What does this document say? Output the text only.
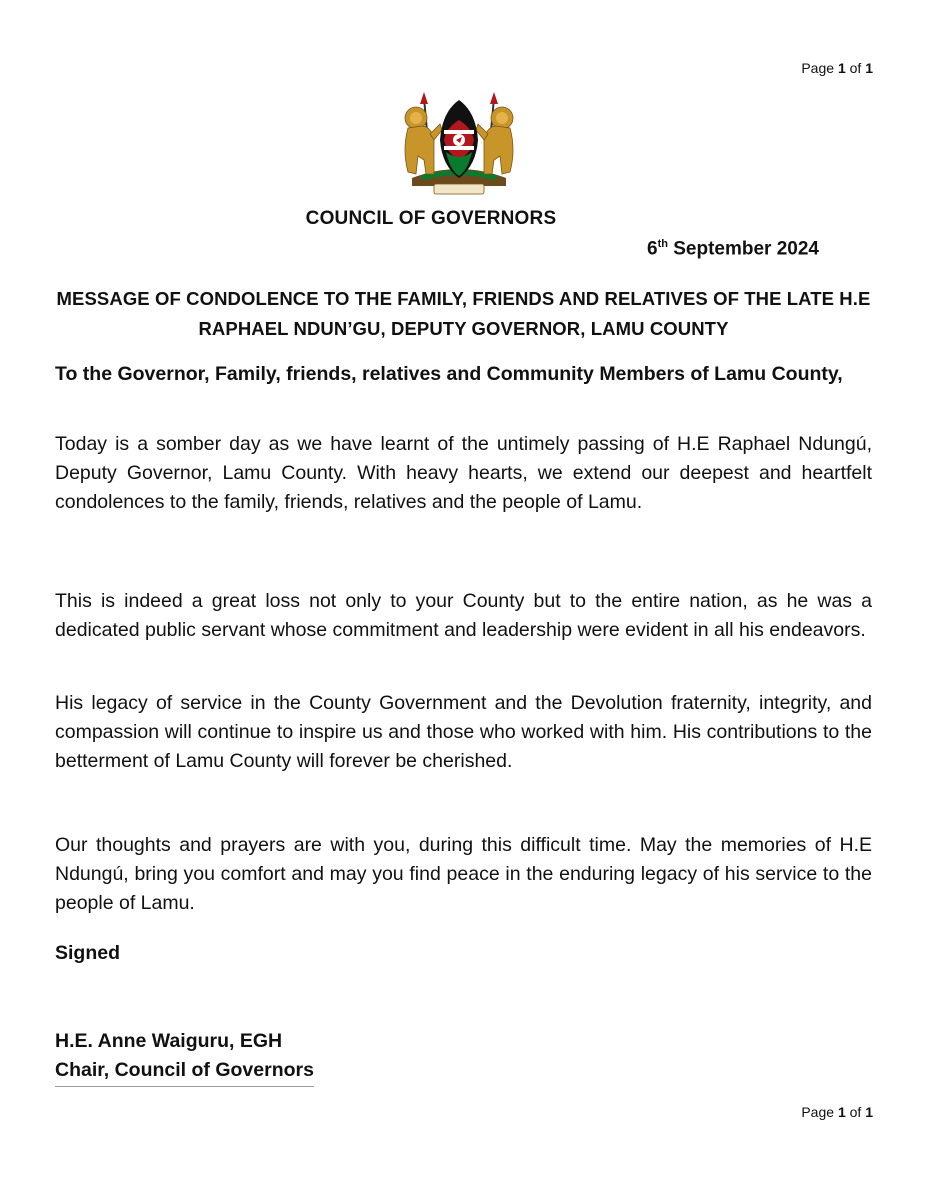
Page 1 of 1
COUNCIL OF GOVERNORS
6th September 2024
MESSAGE OF CONDOLENCE TO THE FAMILY, FRIENDS AND RELATIVES OF THE LATE H.E RAPHAEL NDUN’GU, DEPUTY GOVERNOR, LAMU COUNTY
To the Governor, Family, friends, relatives and Community Members of Lamu County,
Today is a somber day as we have learnt of the untimely passing of H.E Raphael Ndungú, Deputy Governor, Lamu County. With heavy hearts, we extend our deepest and heartfelt condolences to the family, friends, relatives and the people of Lamu.
This is indeed a great loss not only to your County but to the entire nation, as he was a dedicated public servant whose commitment and leadership were evident in all his endeavors.
His legacy of service in the County Government and the Devolution fraternity, integrity, and compassion will continue to inspire us and those who worked with him. His contributions to the betterment of Lamu County will forever be cherished.
Our thoughts and prayers are with you, during this difficult time. May the memories of H.E Ndungú, bring you comfort and may you find peace in the enduring legacy of his service to the people of Lamu.
Signed
H.E. Anne Waiguru, EGH
Chair, Council of Governors
Page 1 of 1
